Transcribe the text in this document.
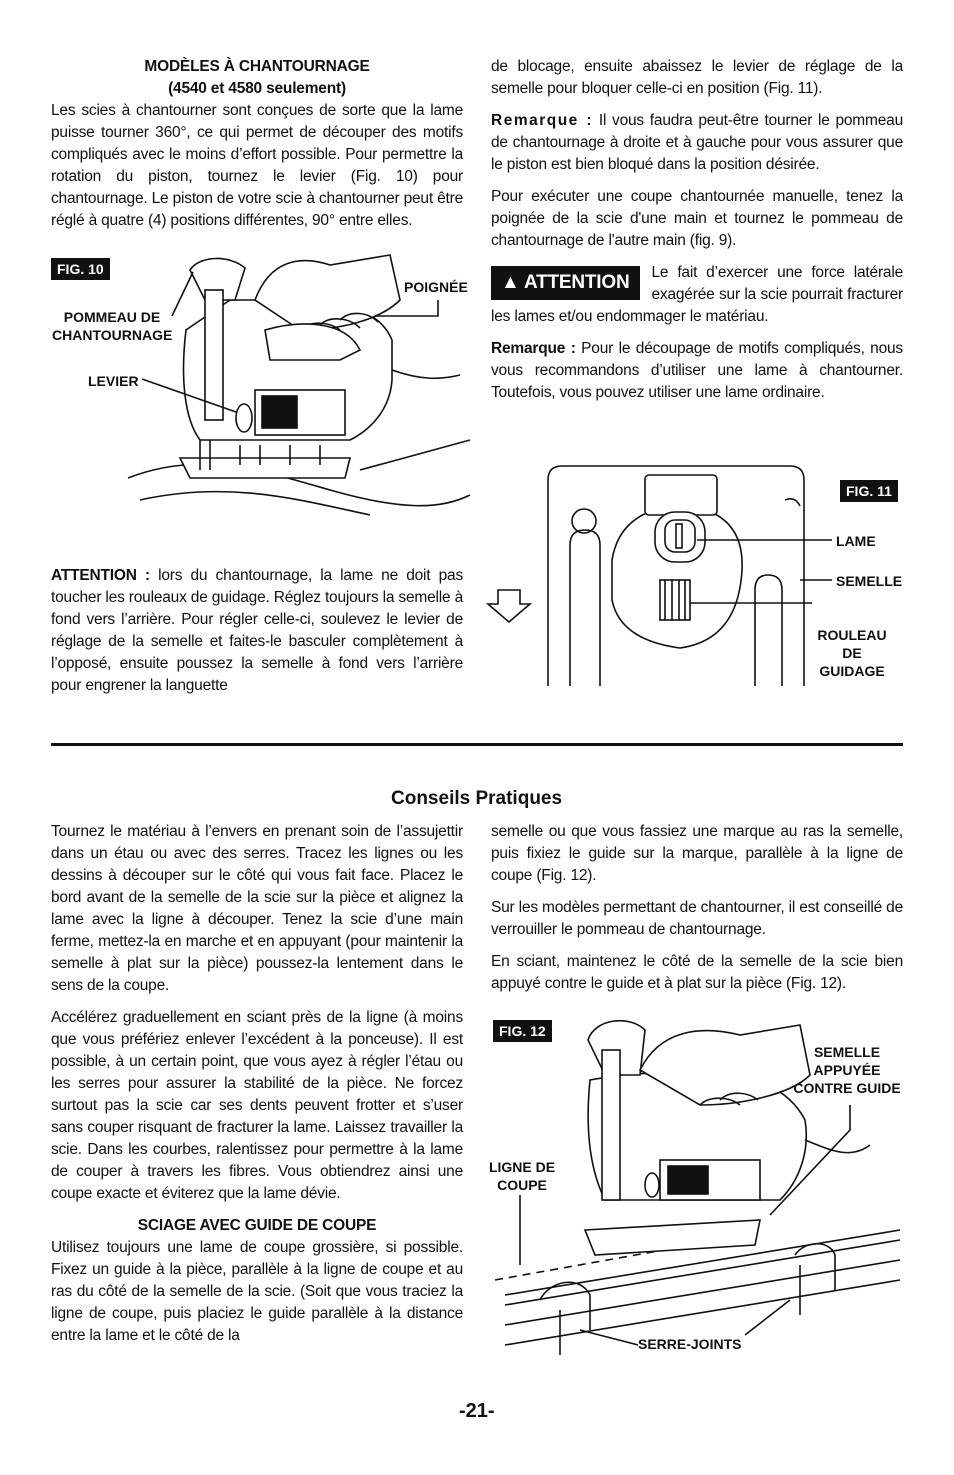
MODÈLES À CHANTOURNAGE
(4540 et 4580 seulement)

Les scies à chantourner sont conçues de sorte que la lame puisse tourner 360°, ce qui permet de découper des motifs compliqués avec le moins d’effort possible. Pour permettre la rotation du piston, tournez le levier (Fig. 10) pour chantournage. Le piston de votre scie à chantourner peut être réglé à quatre (4) positions différentes, 90° entre elles.

FIG. 10
POMMEAU DE CHANTOURNAGE
LEVIER
POIGNÉE

ATTENTION : lors du chantournage, la lame ne doit pas toucher les rouleaux de guidage. Réglez toujours la semelle à fond vers l’arrière. Pour régler celle-ci, soulevez le levier de réglage de la semelle et faites-le basculer complètement à l’opposé, ensuite poussez la semelle à fond vers l’arrière pour engrener la languette

de blocage, ensuite abaissez le levier de réglage de la semelle pour bloquer celle-ci en position (Fig. 11).

Remarque : Il vous faudra peut-être tourner le pommeau de chantournage à droite et à gauche pour vous assurer que le piston est bien bloqué dans la position désirée.

Pour exécuter une coupe chantournée manuelle, tenez la poignée de la scie d'une main et tournez le pommeau de chantournage de l'autre main (fig. 9).

▲ ATTENTION	Le fait d’exercer une force latérale exagérée sur la scie pourrait fracturer les lames et/ou endommager le matériau.

Remarque : Pour le découpage de motifs compliqués, nous vous recommandons d’utiliser une lame à chantourner. Toutefois, vous pouvez utiliser une lame ordinaire.

FIG. 11
LAME
SEMELLE
ROULEAU DE GUIDAGE
Conseils Pratiques

Tournez le matériau à l’envers en prenant soin de l’assujettir dans un étau ou avec des serres. Tracez les lignes ou les dessins à découper sur le côté qui vous fait face. Placez le bord avant de la semelle de la scie sur la pièce et alignez la lame avec la ligne à découper. Tenez la scie d’une main ferme, mettez-la en marche et en appuyant (pour maintenir la semelle à plat sur la pièce) poussez-la lentement dans le sens de la coupe.

Accélérez graduellement en sciant près de la ligne (à moins que vous préfériez enlever l’excédent à la ponceuse). Il est possible, à un certain point, que vous ayez à régler l’étau ou les serres pour assurer la stabilité de la pièce. Ne forcez surtout pas la scie car ses dents peuvent frotter et s’user sans couper risquant de fracturer la lame. Laissez travailler la scie. Dans les courbes, ralentissez pour permettre à la lame de couper à travers les fibres. Vous obtiendrez ainsi une coupe exacte et éviterez que la lame dévie.

SCIAGE AVEC GUIDE DE COUPE

Utilisez toujours une lame de coupe grossière, si possible. Fixez un guide à la pièce, parallèle à la ligne de coupe et au ras du côté de la semelle de la scie. (Soit que vous traciez la ligne de coupe, puis placiez le guide parallèle à la distance entre la lame et le côté de la

semelle ou que vous fassiez une marque au ras la semelle, puis fixiez le guide sur la marque, parallèle à la ligne de coupe (Fig. 12).

Sur les modèles permettant de chantourner, il est conseillé de verrouiller le pommeau de chantournage.

En sciant, maintenez le côté de la semelle de la scie bien appuyé contre le guide et à plat sur la pièce (Fig. 12).

FIG. 12
SEMELLE APPUYÉE CONTRE GUIDE
LIGNE DE COUPE
SERRE-JOINTS
-21-
